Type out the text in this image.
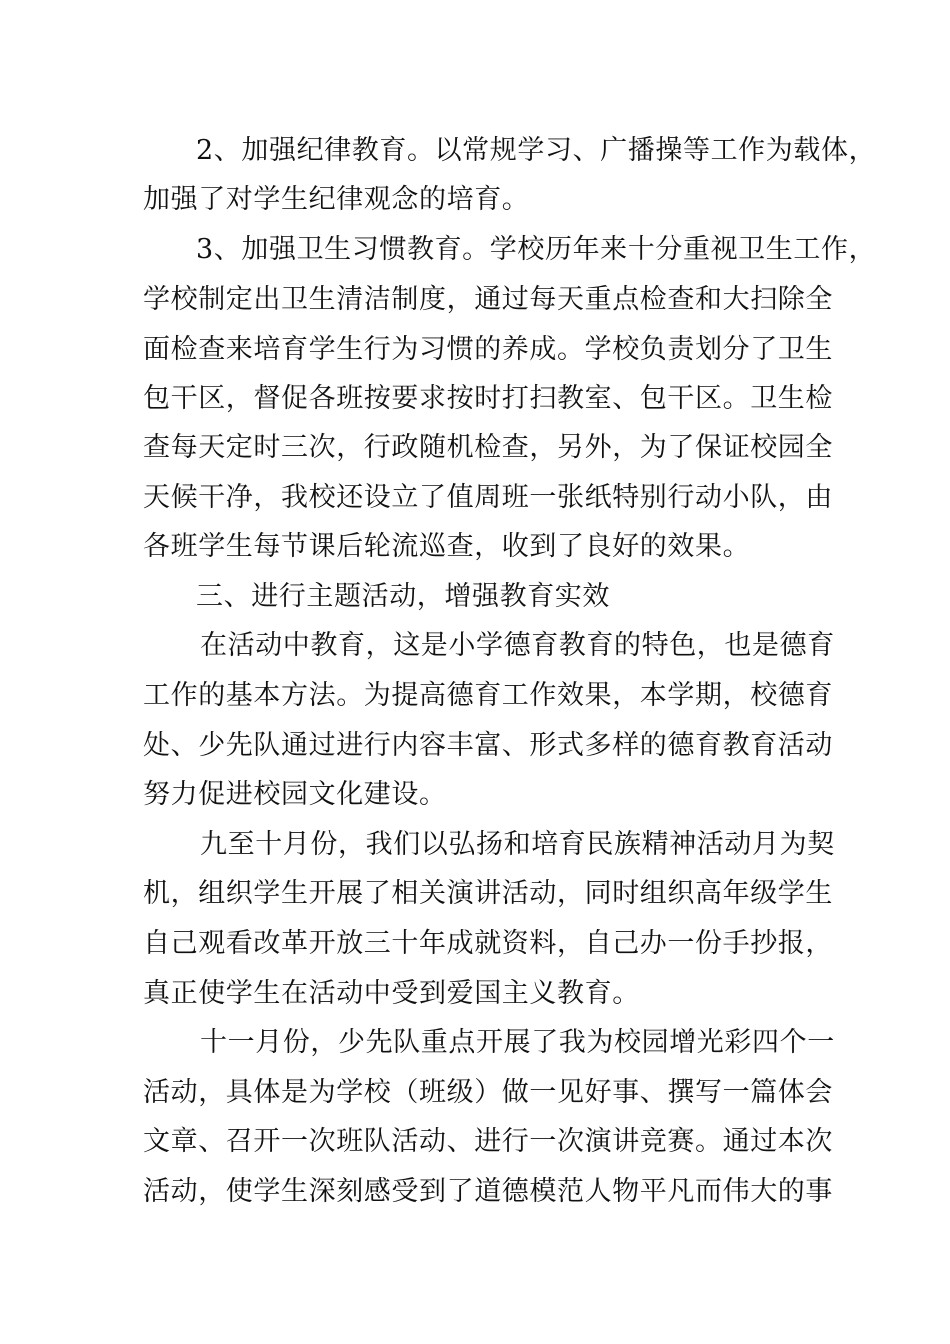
2、加强纪律教育。以常规学习、广播操等工作为载体，
加强了对学生纪律观念的培育。
3、加强卫生习惯教育。学校历年来十分重视卫生工作，
学校制定出卫生清洁制度，通过每天重点检查和大扫除全
面检查来培育学生行为习惯的养成。学校负责划分了卫生
包干区，督促各班按要求按时打扫教室、包干区。卫生检
查每天定时三次，行政随机检查，另外，为了保证校园全
天候干净，我校还设立了值周班一张纸特别行动小队，由
各班学生每节课后轮流巡查，收到了良好的效果。
三、进行主题活动，增强教育实效
在活动中教育，这是小学德育教育的特色，也是德育
工作的基本方法。为提高德育工作效果，本学期，校德育
处、少先队通过进行内容丰富、形式多样的德育教育活动
努力促进校园文化建设。
九至十月份，我们以弘扬和培育民族精神活动月为契
机，组织学生开展了相关演讲活动，同时组织高年级学生
自己观看改革开放三十年成就资料，自己办一份手抄报，
真正使学生在活动中受到爱国主义教育。
十一月份，少先队重点开展了我为校园增光彩四个一
活动，具体是为学校（班级）做一见好事、撰写一篇体会
文章、召开一次班队活动、进行一次演讲竞赛。通过本次
活动，使学生深刻感受到了道德模范人物平凡而伟大的事
